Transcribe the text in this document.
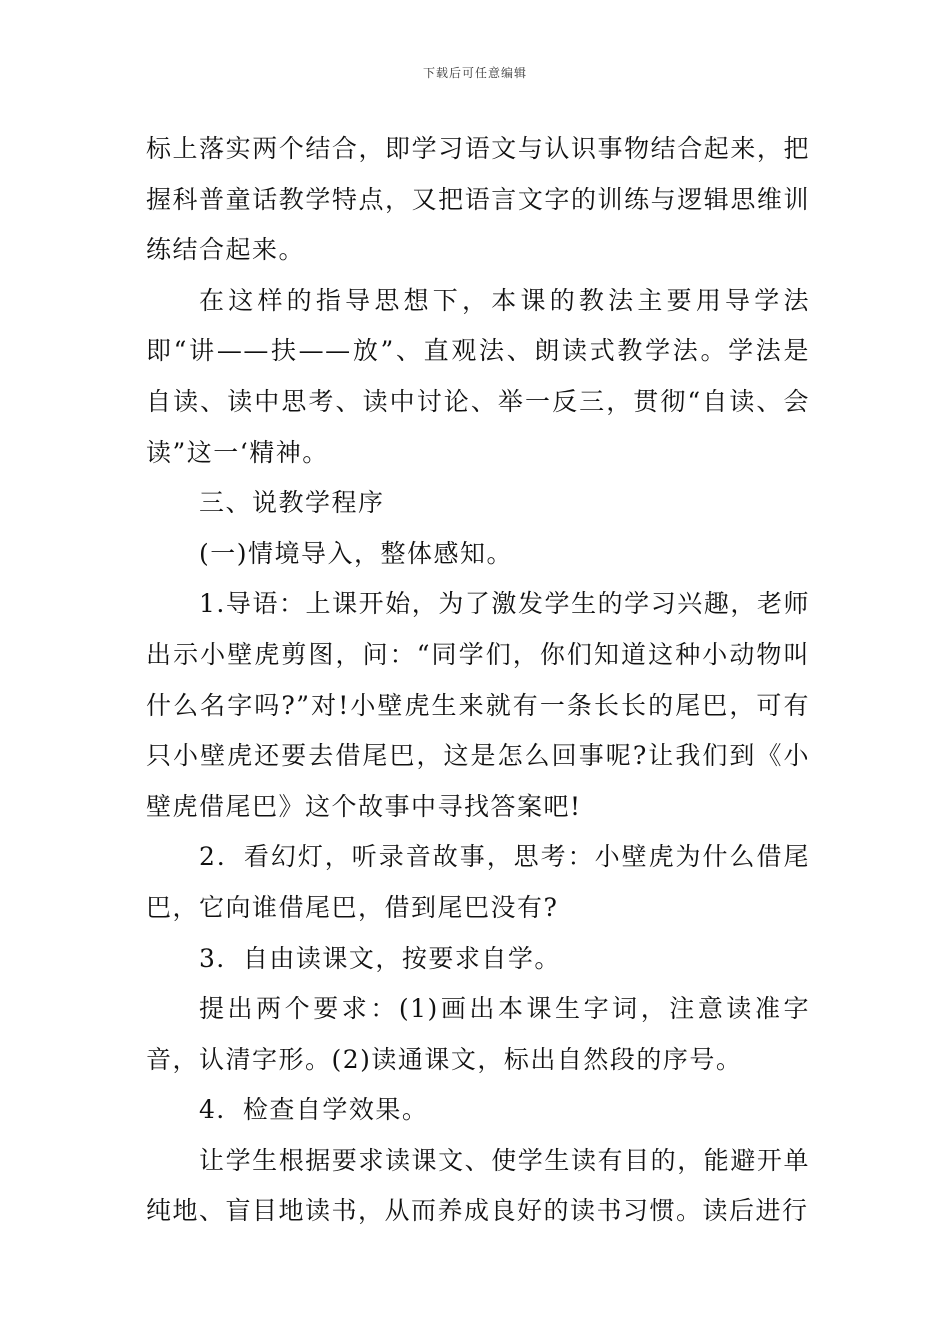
下载后可任意编辑

标上落实两个结合，即学习语文与认识事物结合起来，把握科普童话教学特点，又把语言文字的训练与逻辑思维训练结合起来。

在这样的指导思想下，本课的教法主要用导学法即“讲——扶——放”、直观法、朗读式教学法。学法是自读、读中思考、读中讨论、举一反三，贯彻“自读、会读”这一‘精神。

三、说教学程序

(一)情境导入，整体感知。

1.导语：上课开始，为了激发学生的学习兴趣，老师出示小壁虎剪图，问：“同学们，你们知道这种小动物叫什么名字吗?”对!小壁虎生来就有一条长长的尾巴，可有只小壁虎还要去借尾巴，这是怎么回事呢?让我们到《小壁虎借尾巴》这个故事中寻找答案吧!

2．看幻灯，听录音故事，思考：小壁虎为什么借尾巴，它向谁借尾巴，借到尾巴没有?

3．自由读课文，按要求自学。

提出两个要求：(1)画出本课生字词，注意读准字音，认清字形。(2)读通课文，标出自然段的序号。

4．检查自学效果。

让学生根据要求读课文、使学生读有目的，能避开单纯地、盲目地读书，从而养成良好的读书习惯。读后进行
